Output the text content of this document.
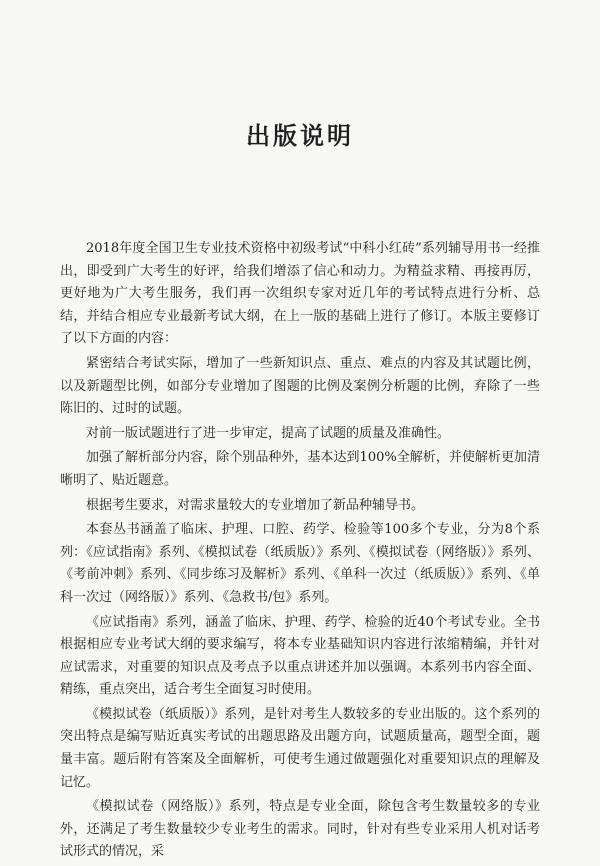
出版说明

2018年度全国卫生专业技术资格中初级考试“中科小红砖”系列辅导用书一经推出，即受到广大考生的好评，给我们增添了信心和动力。为精益求精、再接再厉，更好地为广大考生服务，我们再一次组织专家对近几年的考试特点进行分析、总结，并结合相应专业最新考试大纲，在上一版的基础上进行了修订。本版主要修订了以下方面的内容：

紧密结合考试实际，增加了一些新知识点、重点、难点的内容及其试题比例，以及新题型比例，如部分专业增加了图题的比例及案例分析题的比例，弃除了一些陈旧的、过时的试题。

对前一版试题进行了进一步审定，提高了试题的质量及准确性。

加强了解析部分内容，除个别品种外，基本达到100%全解析，并使解析更加清晰明了、贴近题意。

根据考生要求，对需求量较大的专业增加了新品种辅导书。

本套丛书涵盖了临床、护理、口腔、药学、检验等100多个专业，分为8个系列：《应试指南》系列、《模拟试卷（纸质版）》系列、《模拟试卷（网络版）》系列、《考前冲刺》系列、《同步练习及解析》系列、《单科一次过（纸质版）》系列、《单科一次过（网络版）》系列、《急救书/包》系列。

《应试指南》系列，涵盖了临床、护理、药学、检验的近40个考试专业。全书根据相应专业考试大纲的要求编写，将本专业基础知识内容进行浓缩精编，并针对应试需求，对重要的知识点及考点予以重点讲述并加以强调。本系列书内容全面、精练，重点突出，适合考生全面复习时使用。

《模拟试卷（纸质版）》系列，是针对考生人数较多的专业出版的。这个系列的突出特点是编写贴近真实考试的出题思路及出题方向，试题质量高，题型全面，题量丰富。题后附有答案及全面解析，可使考生通过做题强化对重要知识点的理解及记忆。

《模拟试卷（网络版）》系列，特点是专业全面，除包含考生数量较多的专业外，还满足了考生数量较少专业考生的需求。同时，针对有些专业采用人机对话考试形式的情况，采
